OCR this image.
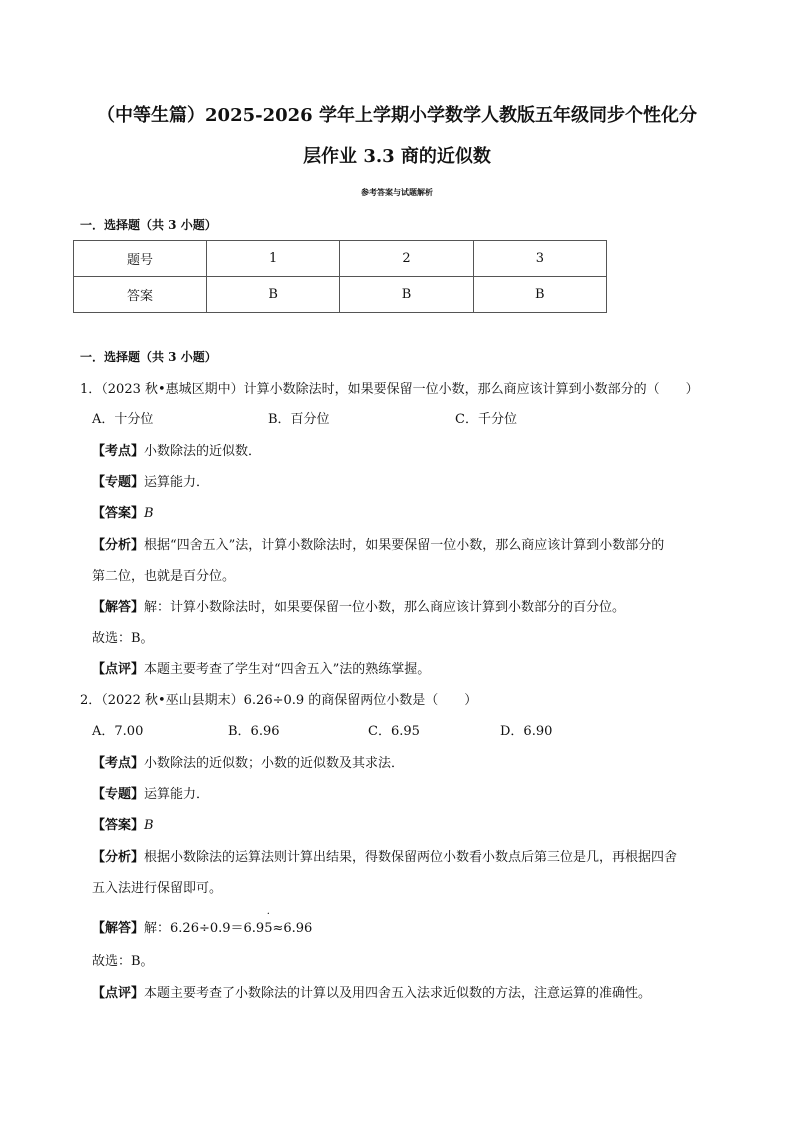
（中等生篇）2025-2026 学年上学期小学数学人教版五年级同步个性化分
层作业 3.3 商的近似数
参考答案与试题解析
一．选择题（共 3 小题）
题号	1	2	3
答案	B	B	B
一．选择题（共 3 小题）
1．（2023 秋•惠城区期中）计算小数除法时，如果要保留一位小数，那么商应该计算到小数部分的（　　）
A．十分位	B．百分位	C．千分位
【考点】小数除法的近似数．
【专题】运算能力．
【答案】B
【分析】根据“四舍五入”法，计算小数除法时，如果要保留一位小数，那么商应该计算到小数部分的
第二位，也就是百分位。
【解答】解：计算小数除法时，如果要保留一位小数，那么商应该计算到小数部分的百分位。
故选：B。
【点评】本题主要考查了学生对“四舍五入”法的熟练掌握。
2．（2022 秋•巫山县期末）6.26÷0.9 的商保留两位小数是（　　）
A．7.00	B．6.96	C．6.95	D．6.90
【考点】小数除法的近似数；小数的近似数及其求法．
【专题】运算能力．
【答案】B
【分析】根据小数除法的运算法则计算出结果，得数保留两位小数看小数点后第三位是几，再根据四舍
五入法进行保留即可。
【解答】解：6.26÷0.9＝6.9
·
5≈6.96
故选：B。
【点评】本题主要考查了小数除法的计算以及用四舍五入法求近似数的方法，注意运算的准确性。
